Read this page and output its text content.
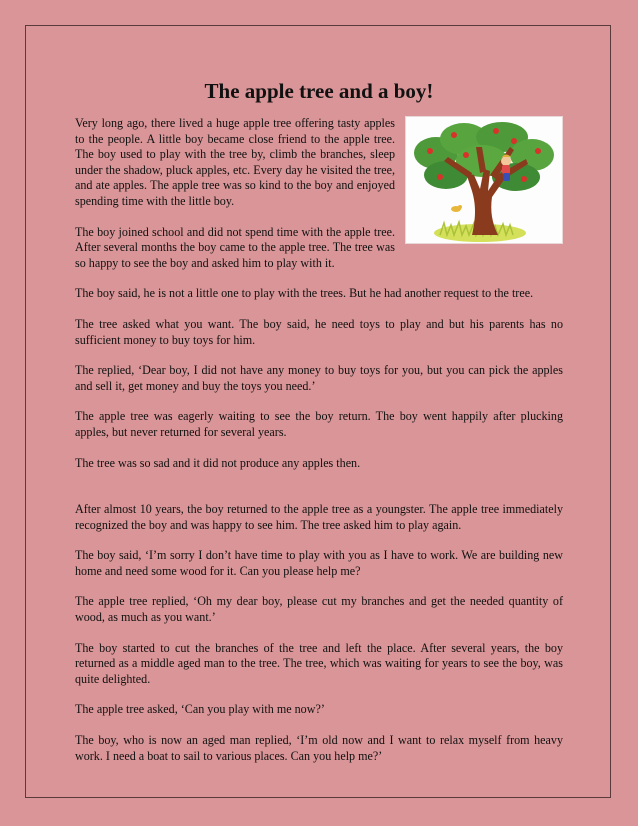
The apple tree and a boy!

Very long ago, there lived a huge apple tree offering tasty apples to the people. A little boy became close friend to the apple tree. The boy used to play with the tree by, climb the branches, sleep under the shadow, pluck apples, etc. Every day he visited the tree, and ate apples. The apple tree was so kind to the boy and enjoyed spending time with the little boy.

The boy joined school and did not spend time with the apple tree. After several months the boy came to the apple tree. The tree was so happy to see the boy and asked him to play with it.

The boy said, he is not a little one to play with the trees. But he had another request to the tree.

The tree asked what you want. The boy said, he need toys to play and but his parents has no sufficient money to buy toys for him.

The replied, ‘Dear boy, I did not have any money to buy toys for you, but you can pick the apples and sell it, get money and buy the toys you need.’

The apple tree was eagerly waiting to see the boy return. The boy went happily after plucking apples, but never returned for several years.

The tree was so sad and it did not produce any apples then.

After almost 10 years, the boy returned to the apple tree as a youngster. The apple tree immediately recognized the boy and was happy to see him. The tree asked him to play again.

The boy said, ‘I’m sorry I don’t have time to play with you as I have to work. We are building new home and need some wood for it. Can you please help me?

The apple tree replied, ‘Oh my dear boy, please cut my branches and get the needed quantity of wood, as much as you want.’

The boy started to cut the branches of the tree and left the place. After several years, the boy returned as a middle aged man to the tree. The tree, which was waiting for years to see the boy, was quite delighted.

The apple tree asked, ‘Can you play with me now?’

The boy, who is now an aged man replied, ‘I’m old now and I want to relax myself from heavy work. I need a boat to sail to various places. Can you help me?’
